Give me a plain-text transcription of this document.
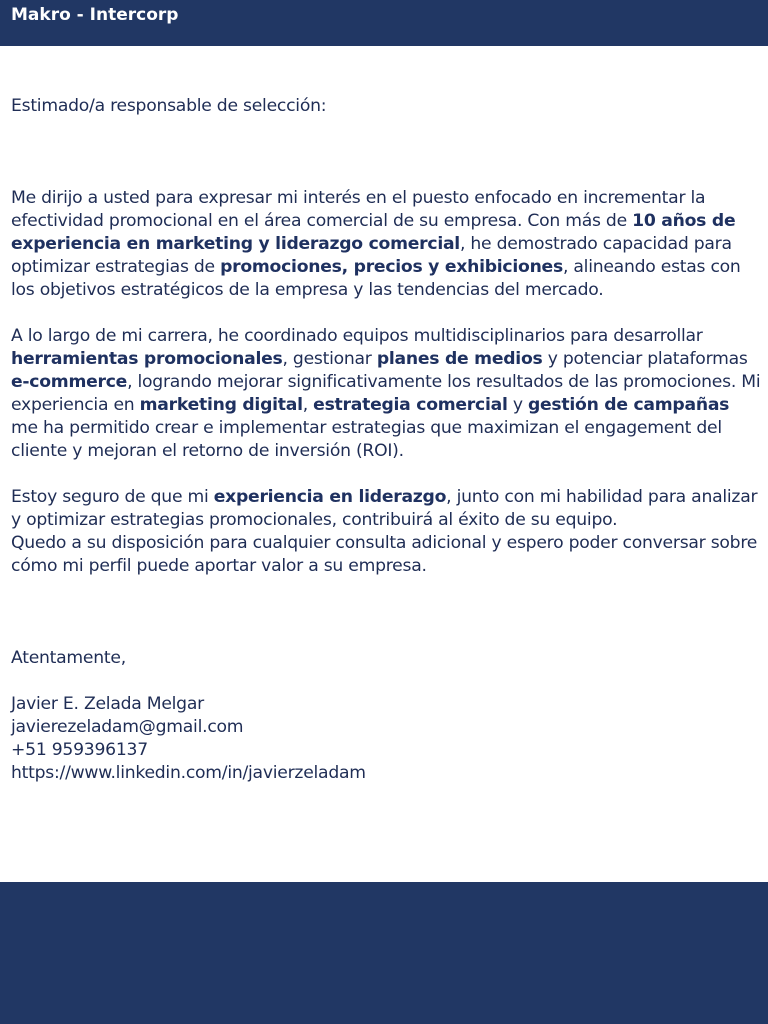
Makro - Intercorp

Estimado/a responsable de selección:

Me dirijo a usted para expresar mi interés en el puesto enfocado en incrementar la efectividad promocional en el área comercial de su empresa. Con más de 10 años de experiencia en marketing y liderazgo comercial, he demostrado capacidad para optimizar estrategias de promociones, precios y exhibiciones, alineando estas con los objetivos estratégicos de la empresa y las tendencias del mercado.

A lo largo de mi carrera, he coordinado equipos multidisciplinarios para desarrollar herramientas promocionales, gestionar planes de medios y potenciar plataformas e-commerce, logrando mejorar significativamente los resultados de las promociones. Mi experiencia en marketing digital, estrategia comercial y gestión de campañas me ha permitido crear e implementar estrategias que maximizan el engagement del cliente y mejoran el retorno de inversión (ROI).

Estoy seguro de que mi experiencia en liderazgo, junto con mi habilidad para analizar y optimizar estrategias promocionales, contribuirá al éxito de su equipo.

Quedo a su disposición para cualquier consulta adicional y espero poder conversar sobre cómo mi perfil puede aportar valor a su empresa.

Atentamente,

Javier E. Zelada Melgar

javierezeladam@gmail.com

+51 959396137

https://www.linkedin.com/in/javierzeladam
